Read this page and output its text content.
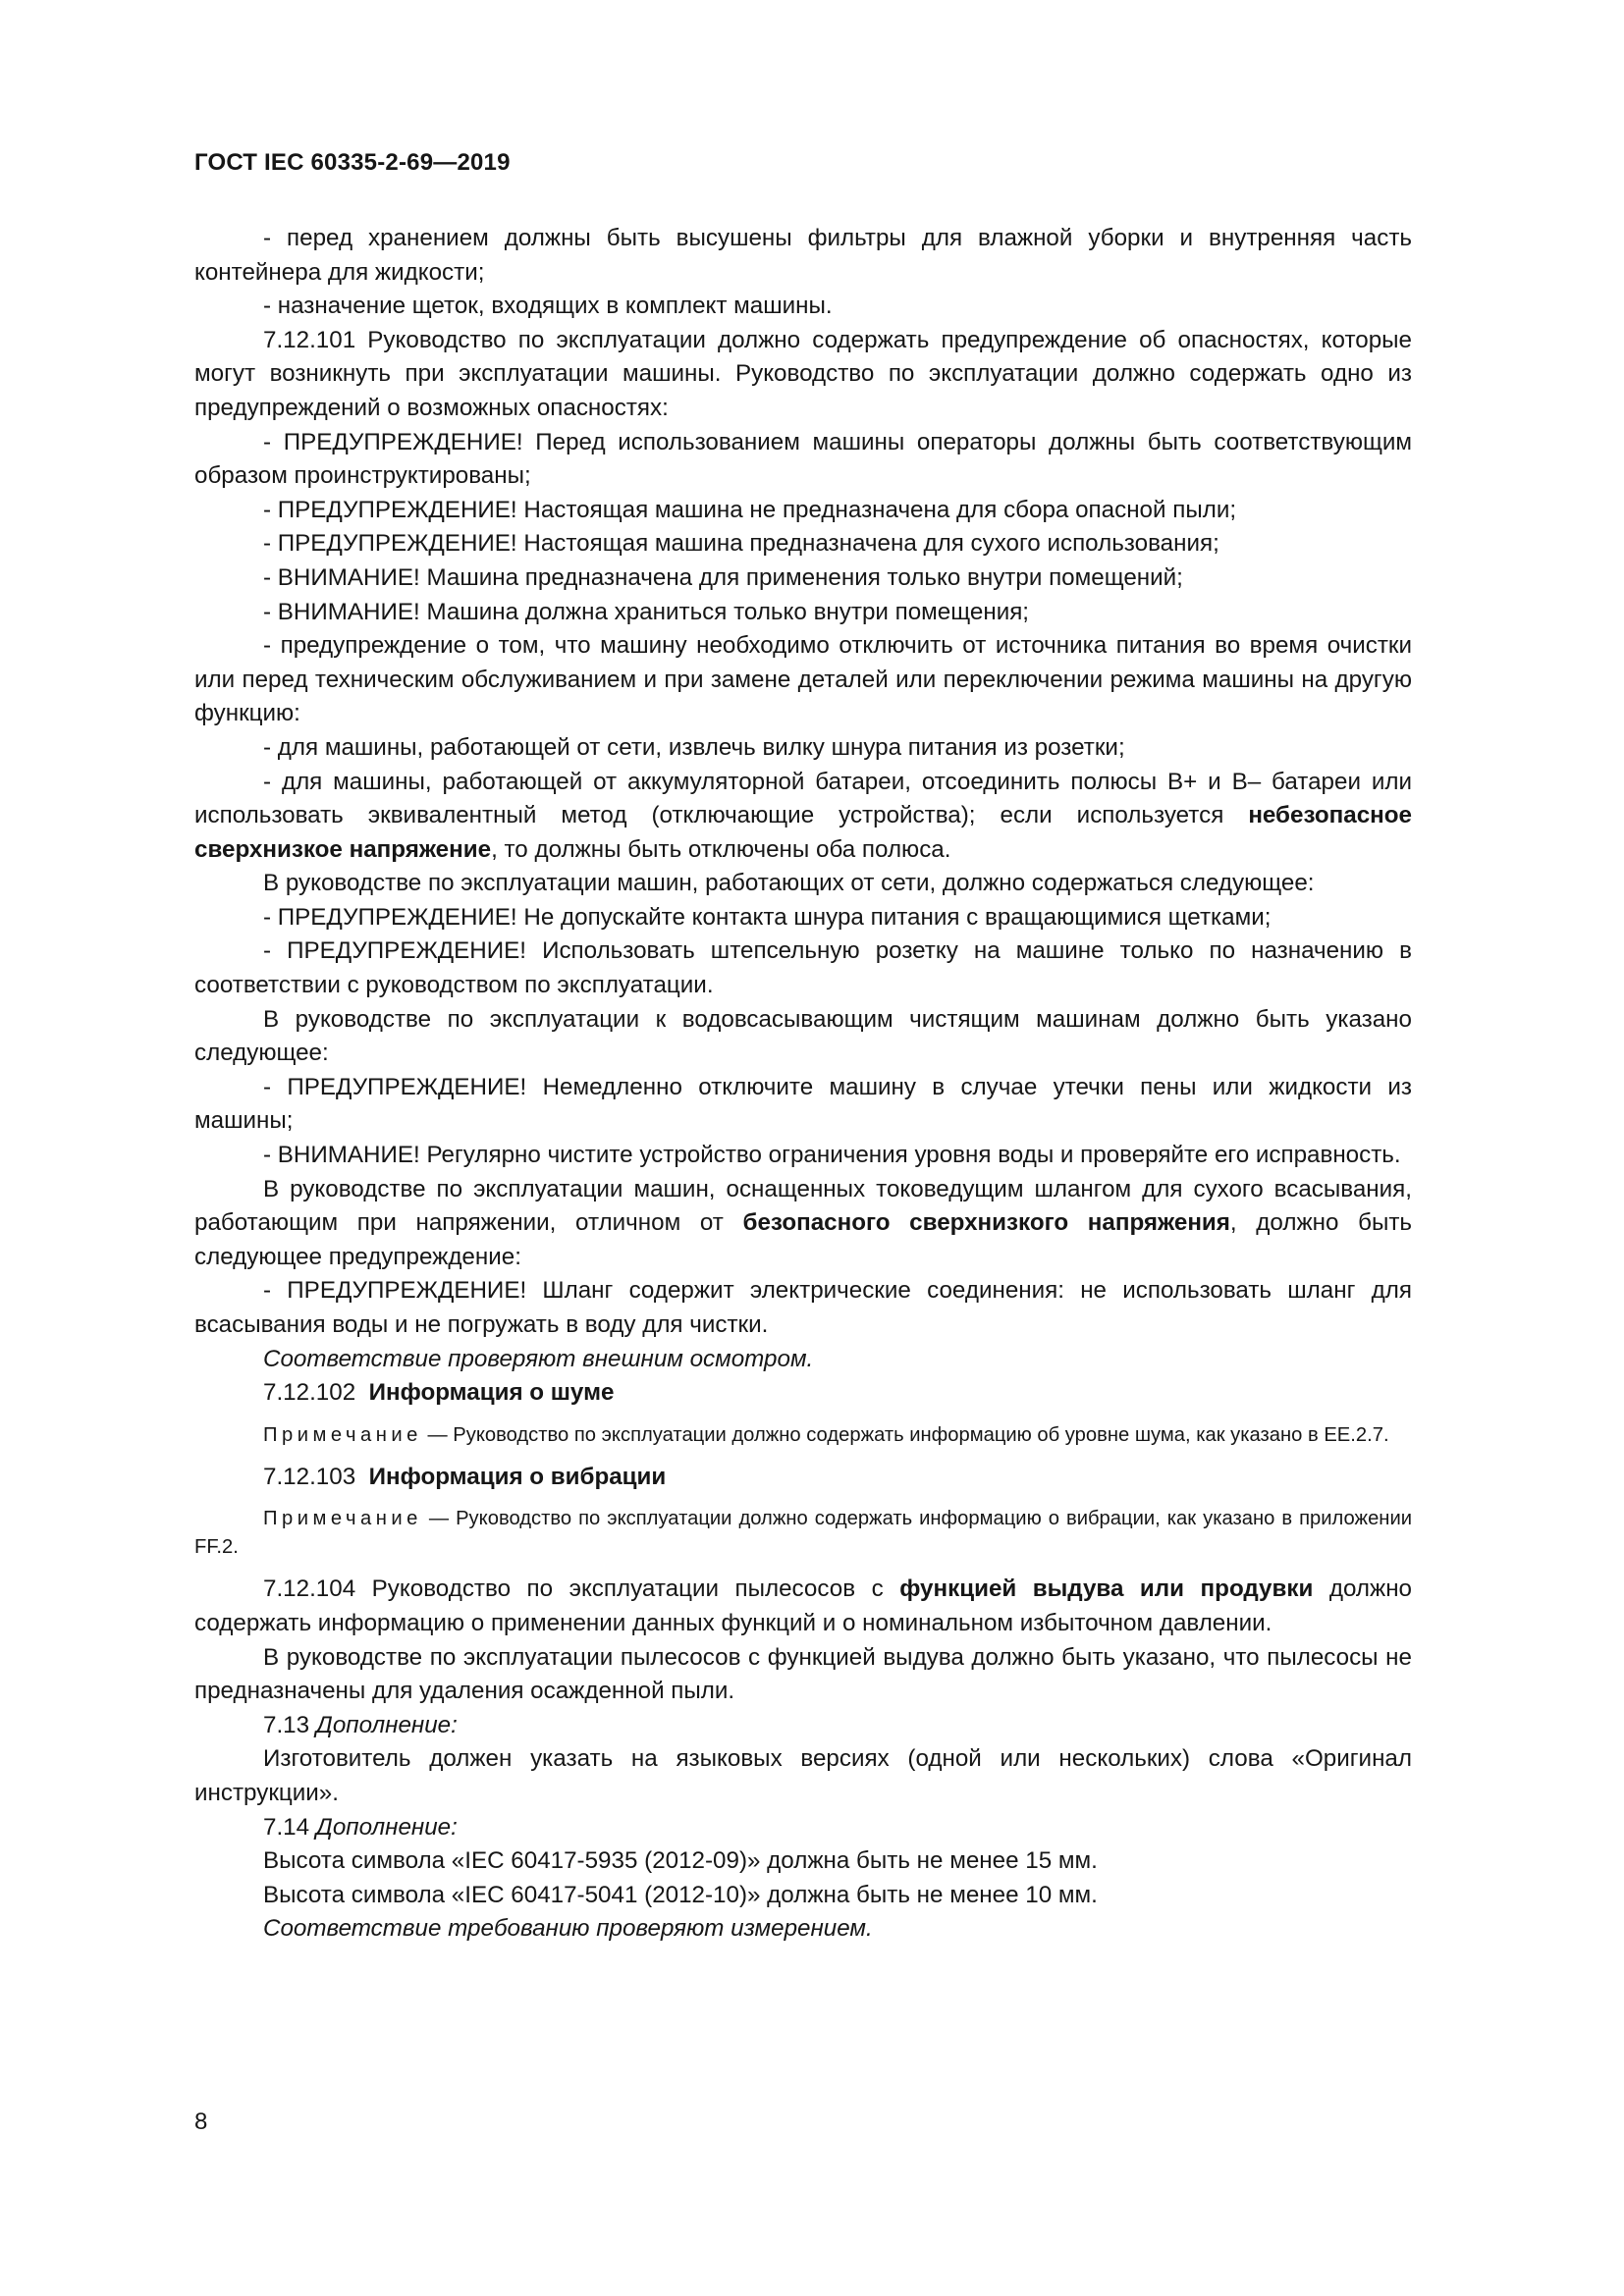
ГОСТ IEC 60335-2-69—2019

- перед хранением должны быть высушены фильтры для влажной уборки и внутренняя часть контейнера для жидкости;

- назначение щеток, входящих в комплект машины.

7.12.101 Руководство по эксплуатации должно содержать предупреждение об опасностях, которые могут возникнуть при эксплуатации машины. Руководство по эксплуатации должно содержать одно из предупреждений о возможных опасностях:

- ПРЕДУПРЕЖДЕНИЕ! Перед использованием машины операторы должны быть соответствующим образом проинструктированы;

- ПРЕДУПРЕЖДЕНИЕ! Настоящая машина не предназначена для сбора опасной пыли;

- ПРЕДУПРЕЖДЕНИЕ! Настоящая машина предназначена для сухого использования;

- ВНИМАНИЕ! Машина предназначена для применения только внутри помещений;

- ВНИМАНИЕ! Машина должна храниться только внутри помещения;

- предупреждение о том, что машину необходимо отключить от источника питания во время очистки или перед техническим обслуживанием и при замене деталей или переключении режима машины на другую функцию:

- для машины, работающей от сети, извлечь вилку шнура питания из розетки;

- для машины, работающей от аккумуляторной батареи, отсоединить полюсы B+ и B– батареи или использовать эквивалентный метод (отключающие устройства); если используется небезопасное сверхнизкое напряжение, то должны быть отключены оба полюса.

В руководстве по эксплуатации машин, работающих от сети, должно содержаться следующее:

- ПРЕДУПРЕЖДЕНИЕ! Не допускайте контакта шнура питания с вращающимися щетками;

- ПРЕДУПРЕЖДЕНИЕ! Использовать штепсельную розетку на машине только по назначению в соответствии с руководством по эксплуатации.

В руководстве по эксплуатации к водовсасывающим чистящим машинам должно быть указано следующее:

- ПРЕДУПРЕЖДЕНИЕ! Немедленно отключите машину в случае утечки пены или жидкости из машины;

- ВНИМАНИЕ! Регулярно чистите устройство ограничения уровня воды и проверяйте его исправность.

В руководстве по эксплуатации машин, оснащенных токоведущим шлангом для сухого всасывания, работающим при напряжении, отличном от безопасного сверхнизкого напряжения, должно быть следующее предупреждение:

- ПРЕДУПРЕЖДЕНИЕ! Шланг содержит электрические соединения: не использовать шланг для всасывания воды и не погружать в воду для чистки.

Соответствие проверяют внешним осмотром.

7.12.102 Информация о шуме

Примечание — Руководство по эксплуатации должно содержать информацию об уровне шума, как указано в EE.2.7.

7.12.103 Информация о вибрации

Примечание — Руководство по эксплуатации должно содержать информацию о вибрации, как указано в приложении FF.2.

7.12.104 Руководство по эксплуатации пылесосов с функцией выдува или продувки должно содержать информацию о применении данных функций и о номинальном избыточном давлении.

В руководстве по эксплуатации пылесосов с функцией выдува должно быть указано, что пылесосы не предназначены для удаления осажденной пыли.

7.13 Дополнение:

Изготовитель должен указать на языковых версиях (одной или нескольких) слова «Оригинал инструкции».

7.14 Дополнение:

Высота символа «IEC 60417-5935 (2012-09)» должна быть не менее 15 мм.

Высота символа «IEC 60417-5041 (2012-10)» должна быть не менее 10 мм.

Соответствие требованию проверяют измерением.

8
